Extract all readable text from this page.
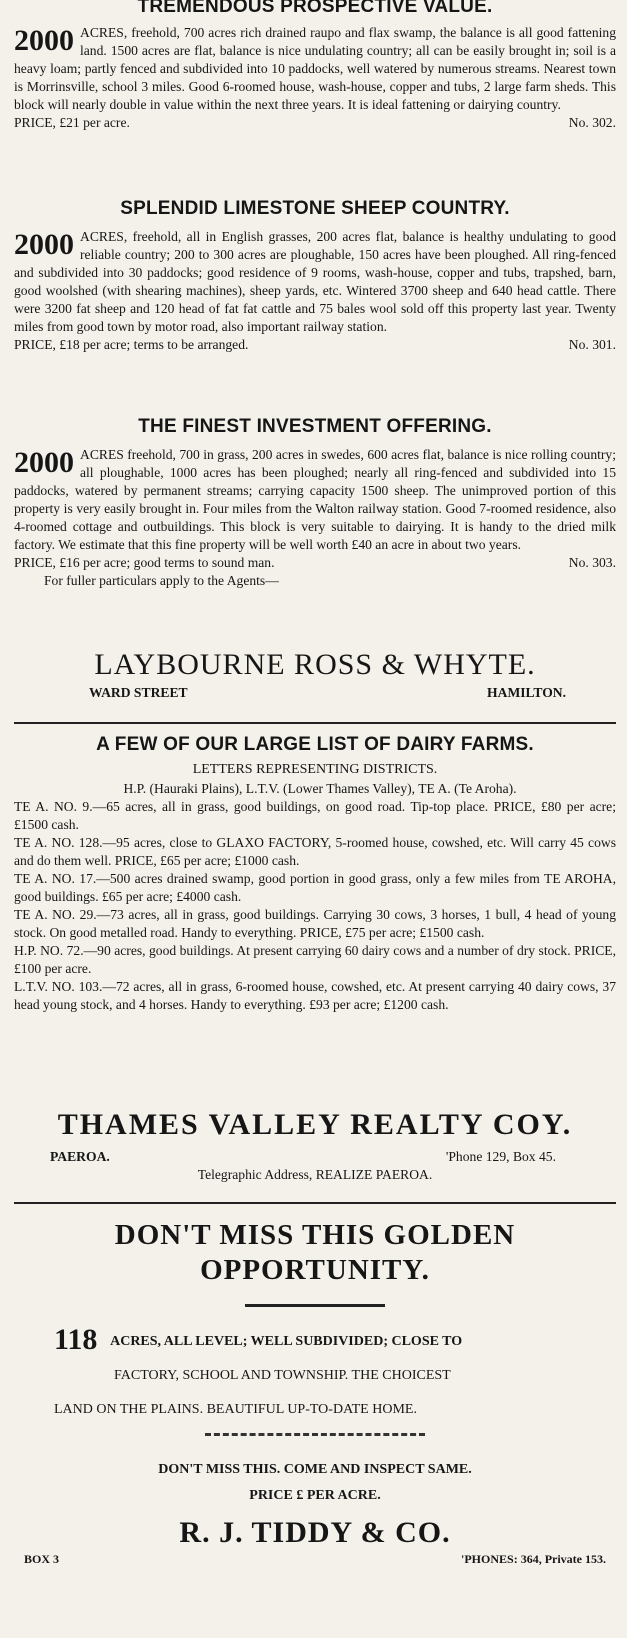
TREMENDOUS PROSPECTIVE VALUE.

2000 ACRES, freehold, 700 acres rich drained raupo and flax swamp, the balance is all good fattening land. 1500 acres are flat, balance is nice undulating country; all can be easily brought in; soil is a heavy loam; partly fenced and subdivided into 10 paddocks, well watered by numerous streams. Nearest town is Morrinsville, school 3 miles. Good 6-roomed house, wash-house, copper and tubs, 2 large farm sheds. This block will nearly double in value within the next three years. It is ideal fattening or dairying country.
PRICE, £21 per acre.	No. 302.

SPLENDID LIMESTONE SHEEP COUNTRY.

2000 ACRES, freehold, all in English grasses, 200 acres flat, balance is healthy undulating to good reliable country; 200 to 300 acres are ploughable, 150 acres have been ploughed. All ring-fenced and subdivided into 30 paddocks; good residence of 9 rooms, wash-house, copper and tubs, trapshed, barn, good woolshed (with shearing machines), sheep yards, etc. Wintered 3700 sheep and 640 head cattle. There were 3200 fat sheep and 120 head of fat fat cattle and 75 bales wool sold off this property last year. Twenty miles from good town by motor road, also important railway station.
PRICE, £18 per acre; terms to be arranged.	No. 301.

THE FINEST INVESTMENT OFFERING.

2000 ACRES freehold, 700 in grass, 200 acres in swedes, 600 acres flat, balance is nice rolling country; all ploughable, 1000 acres has been ploughed; nearly all ring-fenced and subdivided into 15 paddocks, watered by permanent streams; carrying capacity 1500 sheep. The unimproved portion of this property is very easily brought in. Four miles from the Walton railway station. Good 7-roomed residence, also 4-roomed cottage and outbuildings. This block is very suitable to dairying. It is handy to the dried milk factory. We estimate that this fine property will be well worth £40 an acre in about two years.
PRICE, £16 per acre; good terms to sound man.	No. 303.
For fuller particulars apply to the Agents—
LAYBOURNE ROSS & WHYTE.
WARD STREET	HAMILTON.

A FEW OF OUR LARGE LIST OF DAIRY FARMS.

LETTERS REPRESENTING DISTRICTS.
H.P. (Hauraki Plains), L.T.V. (Lower Thames Valley), TE A. (Te Aroha).
TE A. NO. 9.—65 acres, all in grass, good buildings, on good road. Tip-top place. PRICE, £80 per acre; £1500 cash.
TE A. NO. 128.—95 acres, close to GLAXO FACTORY, 5-roomed house, cowshed, etc. Will carry 45 cows and do them well. PRICE, £65 per acre; £1000 cash.
TE A. NO. 17.—500 acres drained swamp, good portion in good grass, only a few miles from TE AROHA, good buildings. £65 per acre; £4000 cash.
TE A. NO. 29.—73 acres, all in grass, good buildings. Carrying 30 cows, 3 horses, 1 bull, 4 head of young stock. On good metalled road. Handy to everything. PRICE, £75 per acre; £1500 cash.
H.P. NO. 72.—90 acres, good buildings. At present carrying 60 dairy cows and a number of dry stock. PRICE, £100 per acre.
L.T.V. NO. 103.—72 acres, all in grass, 6-roomed house, cowshed, etc. At present carrying 40 dairy cows, 37 head young stock, and 4 horses. Handy to everything. £93 per acre; £1200 cash.
THAMES VALLEY REALTY COY.
PAEROA.	'Phone 129, Box 45.
Telegraphic Address, REALIZE PAEROA.
DON'T MISS THIS GOLDEN
OPPORTUNITY.
118 ACRES, ALL LEVEL; WELL SUBDIVIDED; CLOSE TO
FACTORY, SCHOOL AND TOWNSHIP. THE CHOICEST
LAND ON THE PLAINS. BEAUTIFUL UP-TO-DATE HOME.
DON'T MISS THIS. COME AND INSPECT SAME.
PRICE £ PER ACRE.
R. J. TIDDY & CO.
BOX 3	'PHONES: 364, Private 153.
